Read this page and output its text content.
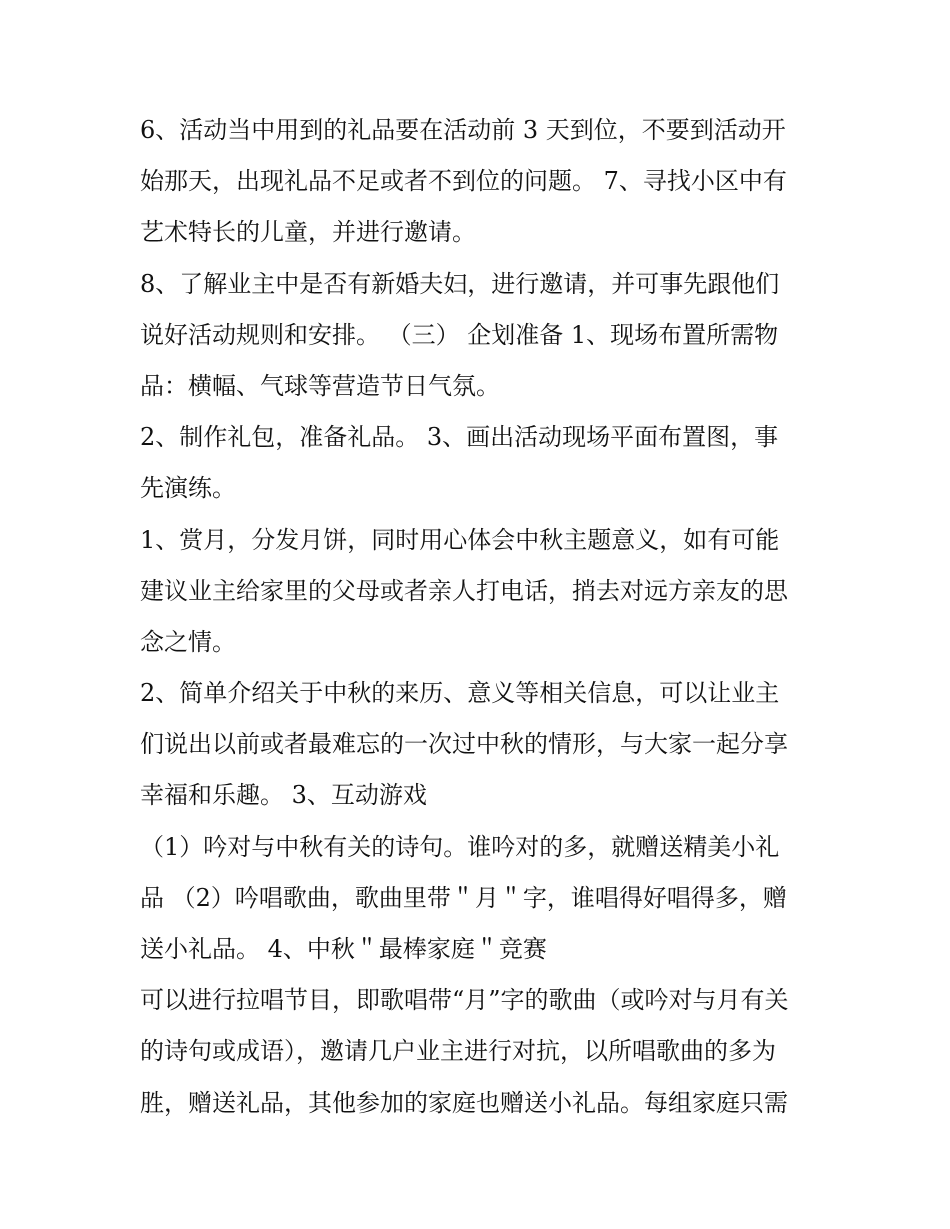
6、活动当中用到的礼品要在活动前 3 天到位，不要到活动开
始那天，出现礼品不足或者不到位的问题。 7、寻找小区中有
艺术特长的儿童，并进行邀请。
8、了解业主中是否有新婚夫妇，进行邀请，并可事先跟他们
说好活动规则和安排。 （三） 企划准备 1、现场布置所需物
品：横幅、气球等营造节日气氛。
2、制作礼包，准备礼品。 3、画出活动现场平面布置图，事
先演练。
1、赏月，分发月饼，同时用心体会中秋主题意义，如有可能
建议业主给家里的父母或者亲人打电话，捎去对远方亲友的思
念之情。
2、简单介绍关于中秋的来历、意义等相关信息，可以让业主
们说出以前或者最难忘的一次过中秋的情形，与大家一起分享
幸福和乐趣。 3、互动游戏
（1）吟对与中秋有关的诗句。谁吟对的多，就赠送精美小礼
品 （2）吟唱歌曲，歌曲里带＂月＂字，谁唱得好唱得多，赠
送小礼品。 4、中秋＂最棒家庭＂竞赛
可以进行拉唱节目，即歌唱带“月”字的歌曲（或吟对与月有关
的诗句或成语），邀请几户业主进行对抗，以所唱歌曲的多为
胜，赠送礼品，其他参加的家庭也赠送小礼品。每组家庭只需
